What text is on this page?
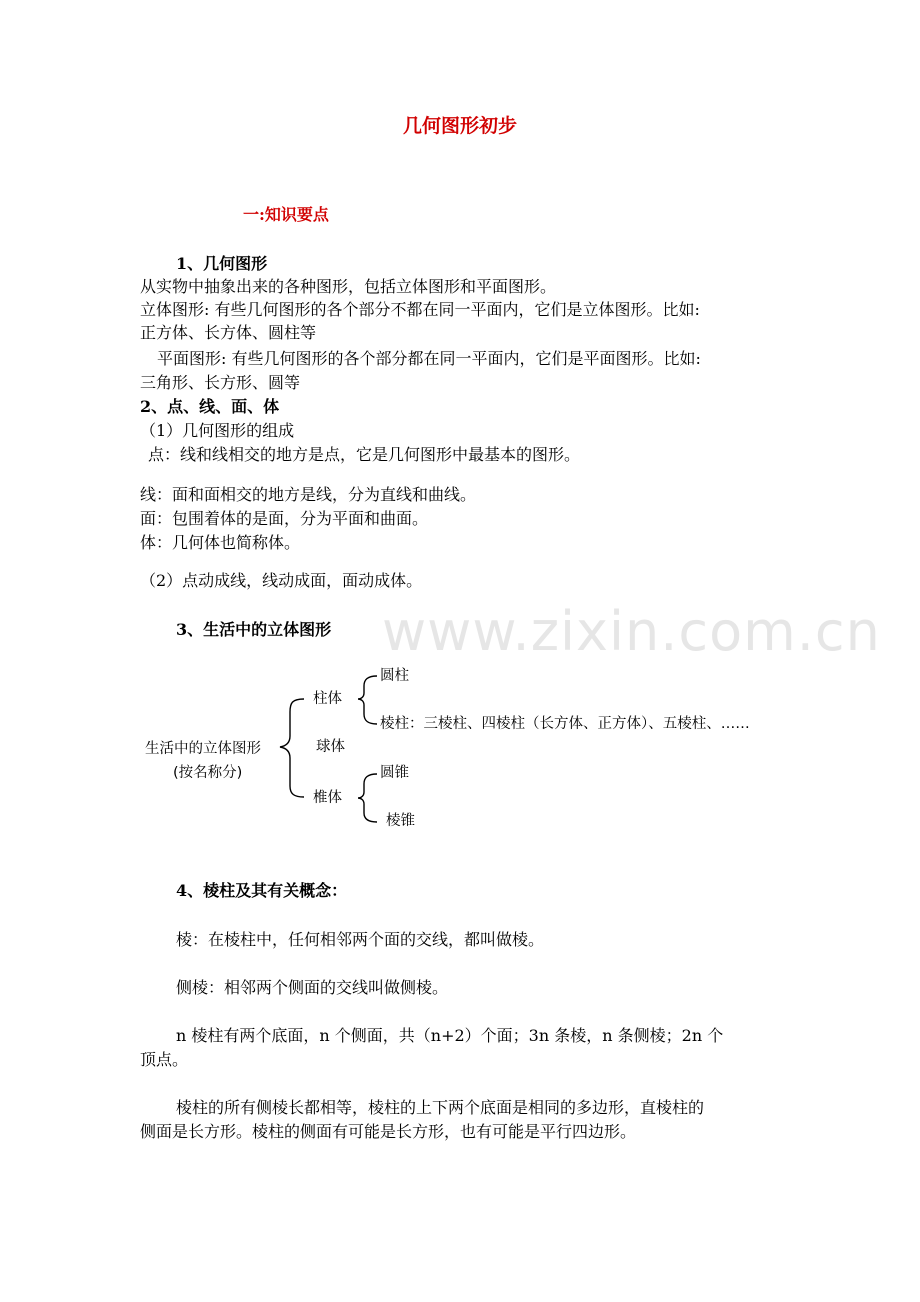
www.zixin.com.cn
几何图形初步
一:知识要点
1、几何图形
从实物中抽象出来的各种图形，包括立体图形和平面图形。
立体图形: 有些几何图形的各个部分不都在同一平面内，它们是立体图形。比如:
正方体、长方体、圆柱等
平面图形: 有些几何图形的各个部分都在同一平面内，它们是平面图形。比如:
三角形、长方形、圆等
2、点、线、面、体
（1）几何图形的组成
点：线和线相交的地方是点，它是几何图形中最基本的图形。
线：面和面相交的地方是线，分为直线和曲线。
面：包围着体的是面，分为平面和曲面。
体：几何体也简称体。
（2）点动成线，线动成面，面动成体。
3、生活中的立体图形
生活中的立体图形
(按名称分)
柱体
圆柱
棱柱：三棱柱、四棱柱（长方体、正方体）、五棱柱、……
球体
椎体
圆锥
棱锥
4、棱柱及其有关概念：
棱：在棱柱中，任何相邻两个面的交线，都叫做棱。
侧棱：相邻两个侧面的交线叫做侧棱。
n 棱柱有两个底面，n 个侧面，共（n+2）个面；3n 条棱，n 条侧棱；2n 个
顶点。
棱柱的所有侧棱长都相等，棱柱的上下两个底面是相同的多边形，直棱柱的
侧面是长方形。棱柱的侧面有可能是长方形，也有可能是平行四边形。
